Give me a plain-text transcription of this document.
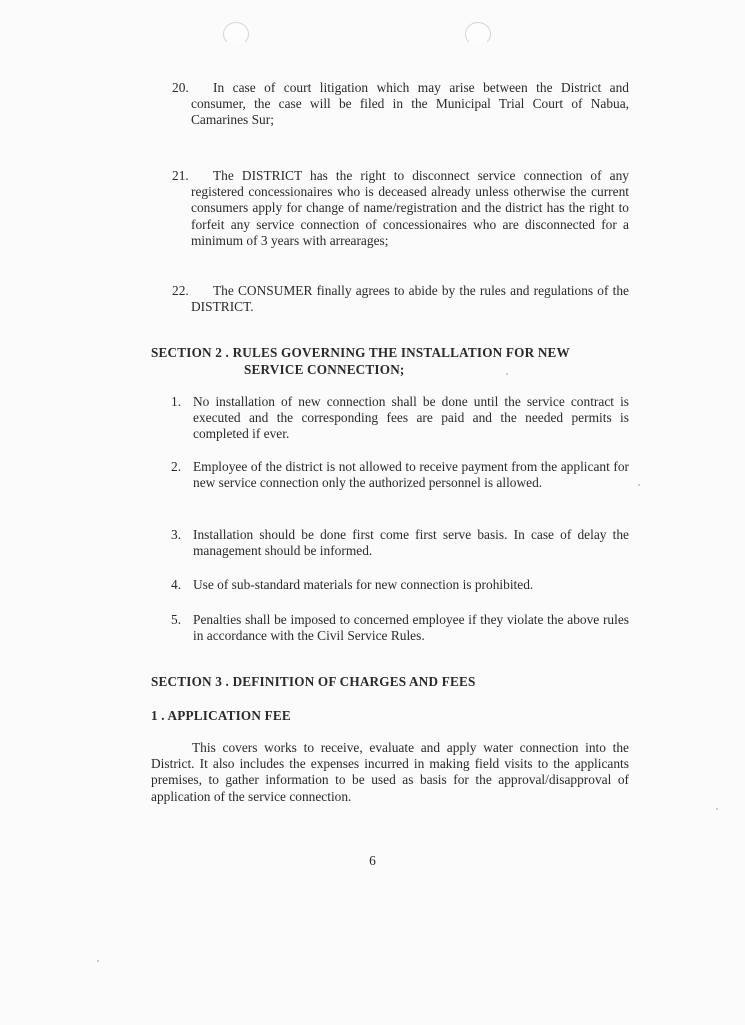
20. In case of court litigation which may arise between the District and consumer, the case will be filed in the Municipal Trial Court of Nabua, Camarines Sur;
21. The DISTRICT has the right to disconnect service connection of any registered concessionaires who is deceased already unless otherwise the current consumers apply for change of name/registration and the district has the right to forfeit any service connection of concessionaires who are disconnected for a minimum of 3 years with arrearages;
22. The CONSUMER finally agrees to abide by the rules and regulations of the DISTRICT.
SECTION 2 . RULES GOVERNING THE INSTALLATION FOR NEW
SERVICE CONNECTION;
1. No installation of new connection shall be done until the service contract is executed and the corresponding fees are paid and the needed permits is completed if ever.
2. Employee of the district is not allowed to receive payment from the applicant for new service connection only the authorized personnel is allowed.
3. Installation should be done first come first serve basis. In case of delay the management should be informed.
4. Use of sub-standard materials for new connection is prohibited.
5. Penalties shall be imposed to concerned employee if they violate the above rules in accordance with the Civil Service Rules.
SECTION 3 . DEFINITION OF CHARGES AND FEES
1 . APPLICATION FEE
This covers works to receive, evaluate and apply water connection into the District. It also includes the expenses incurred in making field visits to the applicants premises, to gather information to be used as basis for the approval/disapproval of application of the service connection.
6
